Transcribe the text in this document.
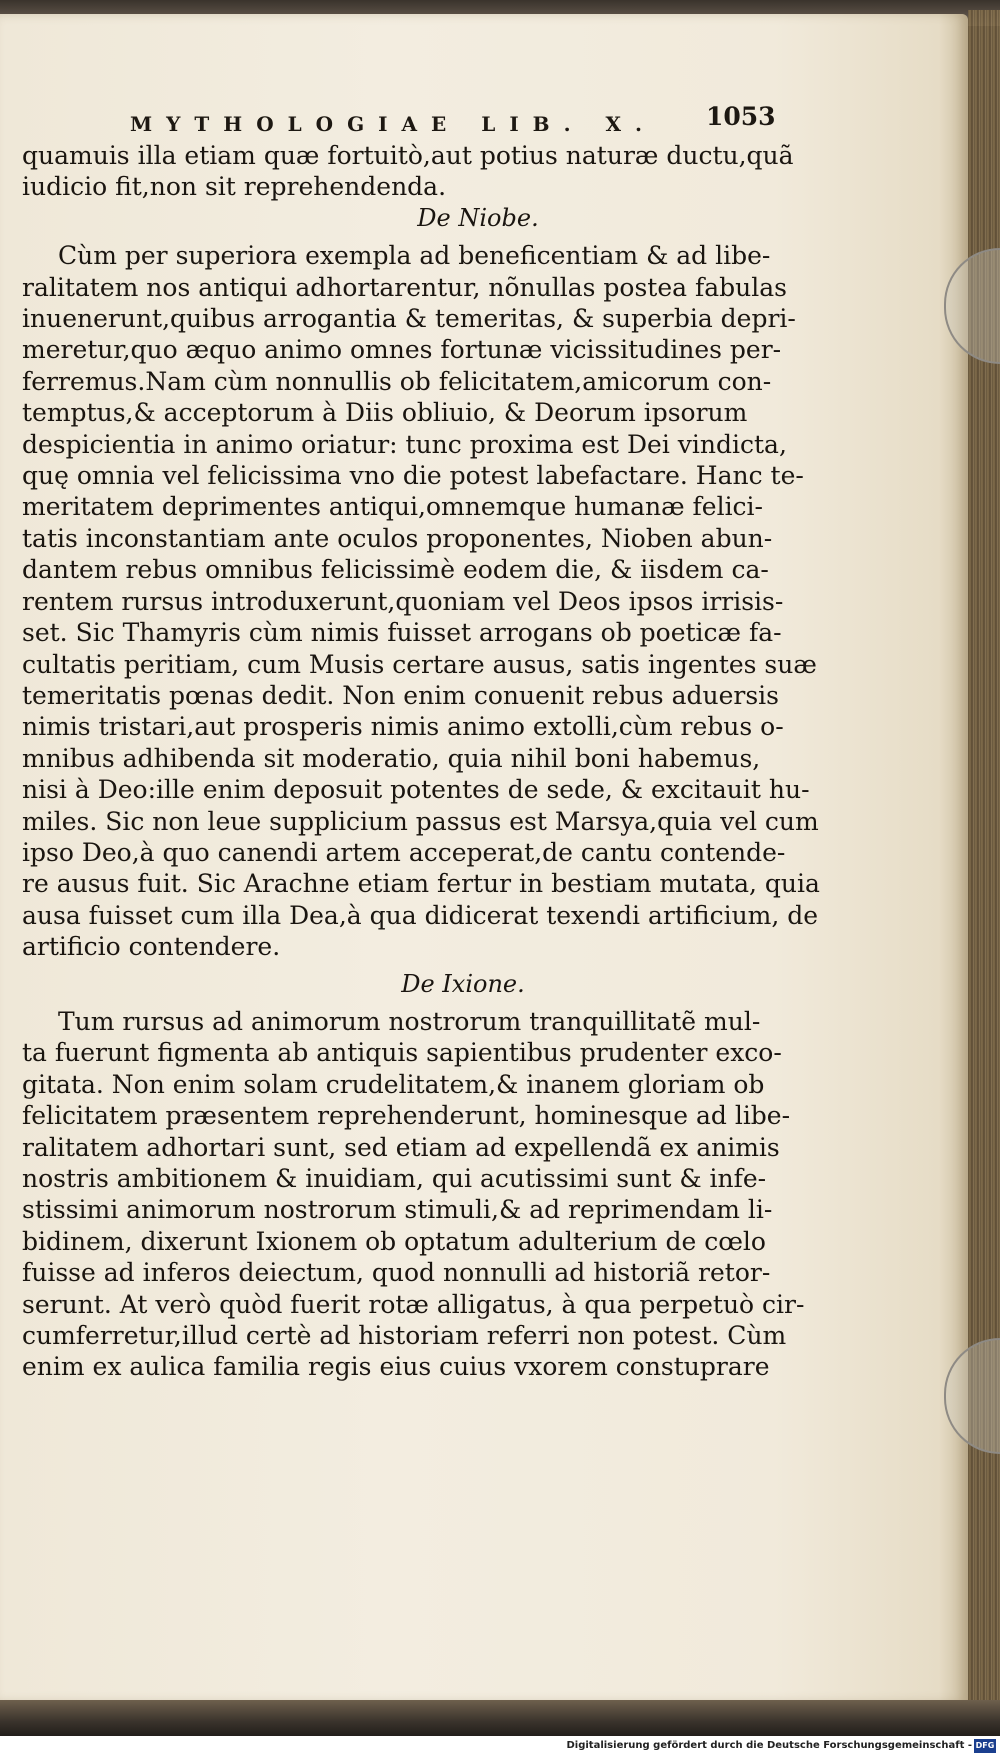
MYTHOLOGIAE LIB. X.	1053
quamuis illa etiam quæ fortuitò,aut potius naturæ ductu,quã
iudicio fit,non sit reprehendenda.
De Niobe.
Cùm per superiora exempla ad beneficentiam & ad libe-
ralitatem nos antiqui adhortarentur, nõnullas postea fabulas
inuenerunt,quibus arrogantia & temeritas, & superbia depri-
meretur,quo æquo animo omnes fortunæ vicissitudines per-
ferremus.Nam cùm nonnullis ob felicitatem,amicorum con-
temptus,& acceptorum à Diis obliuio, & Deorum ipsorum
despicientia in animo oriatur: tunc proxima est Dei vindicta,
quę omnia vel felicissima vno die potest labefactare. Hanc te-
meritatem deprimentes antiqui,omnemque humanæ felici-
tatis inconstantiam ante oculos proponentes, Nioben abun-
dantem rebus omnibus felicissimè eodem die, & iisdem ca-
rentem rursus introduxerunt,quoniam vel Deos ipsos irrisis-
set. Sic Thamyris cùm nimis fuisset arrogans ob poeticæ fa-
cultatis peritiam, cum Musis certare ausus, satis ingentes suæ
temeritatis pœnas dedit. Non enim conuenit rebus aduersis
nimis tristari,aut prosperis nimis animo extolli,cùm rebus o-
mnibus adhibenda sit moderatio, quia nihil boni habemus,
nisi à Deo:ille enim deposuit potentes de sede, & excitauit hu-
miles. Sic non leue supplicium passus est Marsya,quia vel cum
ipso Deo,à quo canendi artem acceperat,de cantu contende-
re ausus fuit. Sic Arachne etiam fertur in bestiam mutata, quia
ausa fuisset cum illa Dea,à qua didicerat texendi artificium, de
artificio contendere.
De Ixione.
Tum rursus ad animorum nostrorum tranquillitatẽ mul-
ta fuerunt figmenta ab antiquis sapientibus prudenter exco-
gitata. Non enim solam crudelitatem,& inanem gloriam ob
felicitatem præsentem reprehenderunt, hominesque ad libe-
ralitatem adhortari sunt, sed etiam ad expellendã ex animis
nostris ambitionem & inuidiam, qui acutissimi sunt & infe-
stissimi animorum nostrorum stimuli,& ad reprimendam li-
bidinem, dixerunt Ixionem ob optatum adulterium de cœlo
fuisse ad inferos deiectum, quod nonnulli ad historiã retor-
serunt. At verò quòd fuerit rotæ alligatus, à qua perpetuò cir-
cumferretur,illud certè ad historiam referri non potest. Cùm
enim ex aulica familia regis eius cuius vxorem constuprare
Digitalisierung gefördert durch die Deutsche Forschungsgemeinschaft - DFG
